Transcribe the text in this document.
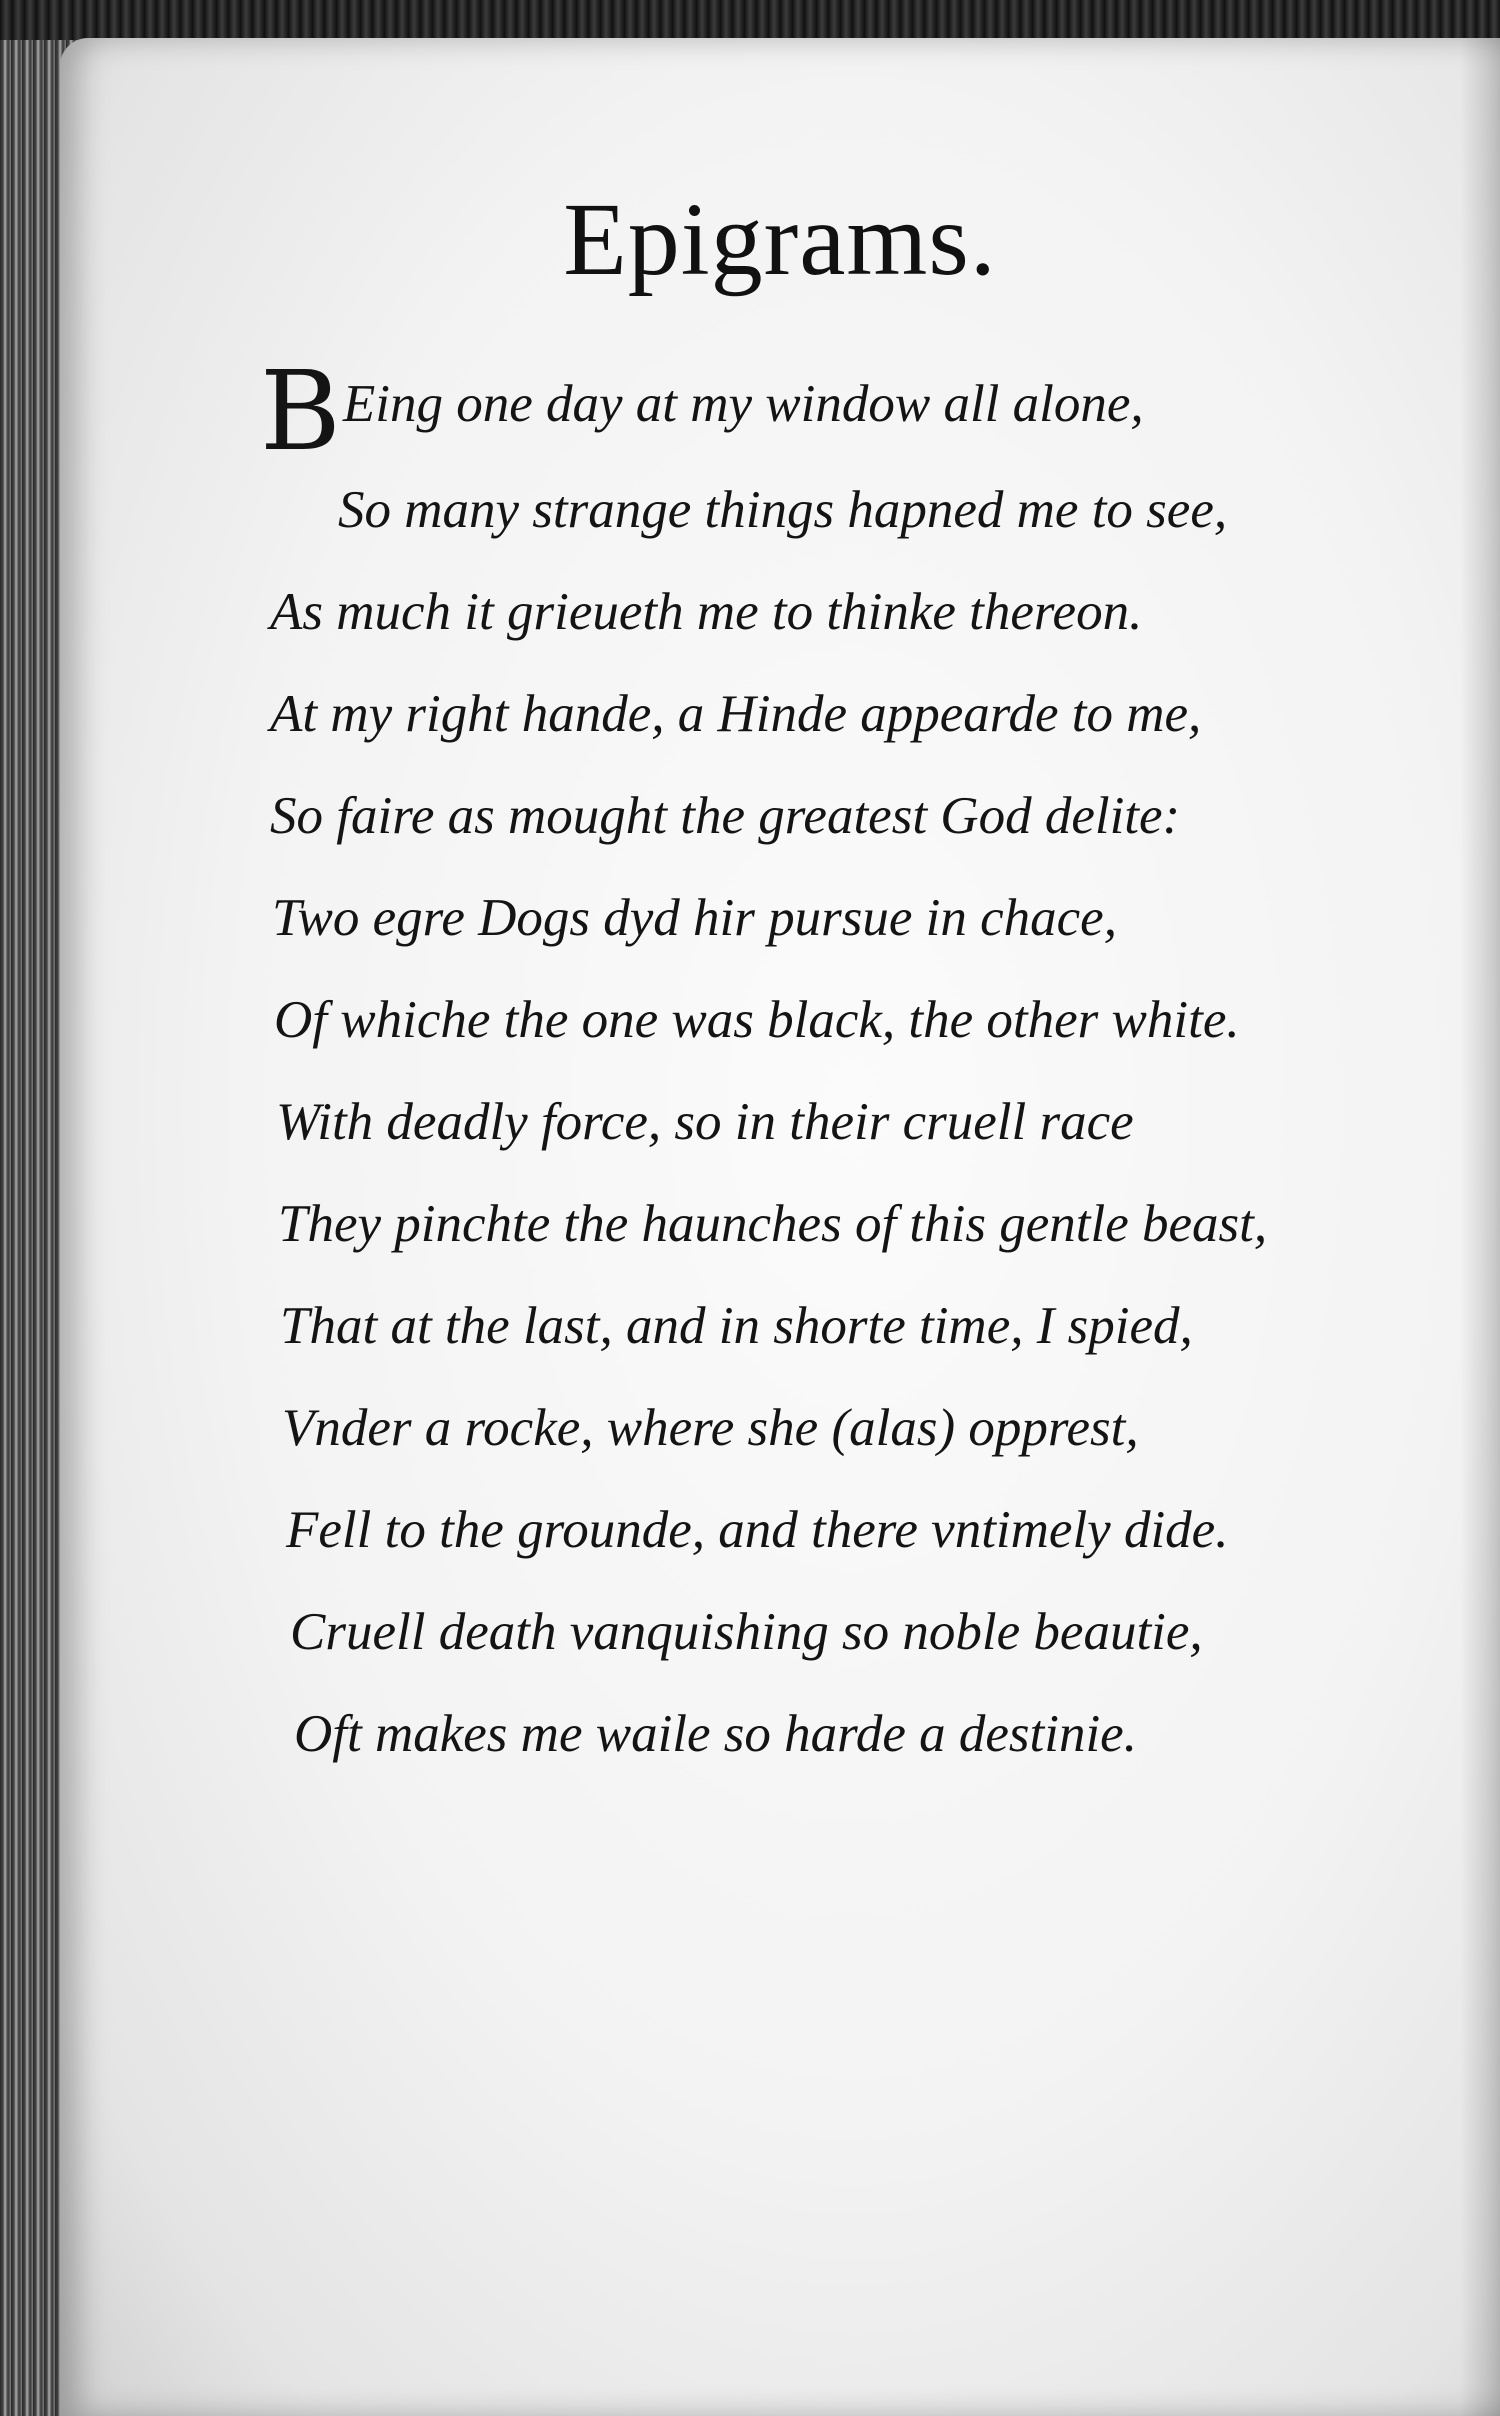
Epigrams.
BEing one day at my window all alone,
So many strange things hapned me to see,
As much it grieueth me to thinke thereon.
At my right hande, a Hinde appearde to me,
So faire as mought the greatest God delite:
Two egre Dogs dyd hir pursue in chace,
Of whiche the one was black, the other white.
With deadly force, so in their cruell race
They pinchte the haunches of this gentle beast,
That at the last, and in shorte time, I spied,
Vnder a rocke, where she (alas) opprest,
Fell to the grounde, and there vntimely dide.
Cruell death vanquishing so noble beautie,
Oft makes me waile so harde a destinie.
